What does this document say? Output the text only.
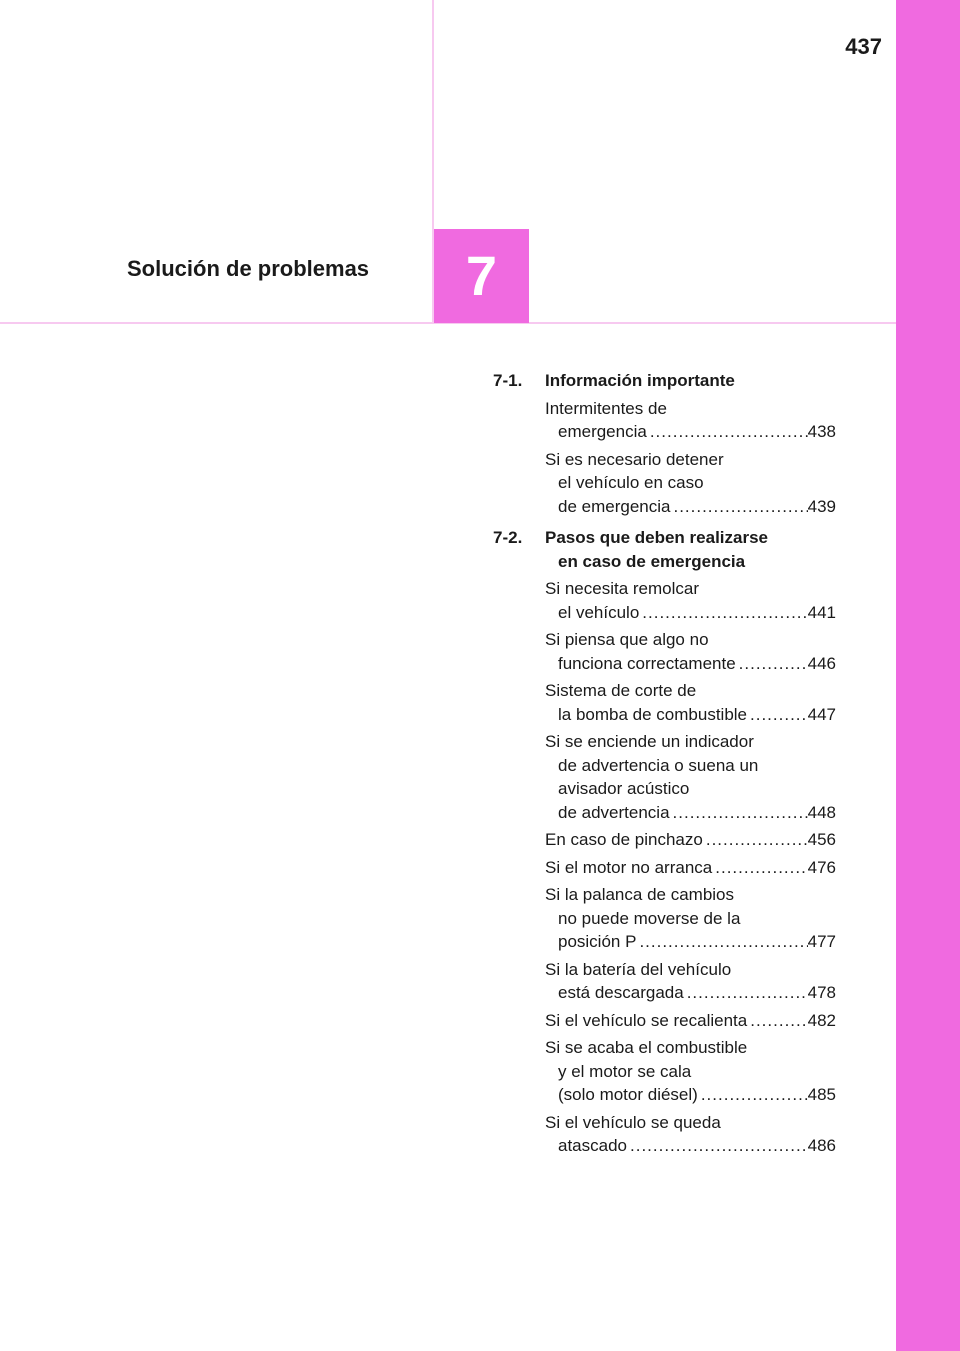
437
Solución de problemas 7
7-1. Información importante
Intermitentes de
emergencia .....	438
Si es necesario detener
el vehículo en caso
de emergencia .....	439
7-2. Pasos que deben realizarse
en caso de emergencia
Si necesita remolcar
el vehículo .....	441
Si piensa que algo no
funciona correctamente .....	446
Sistema de corte de
la bomba de combustible .....	447
Si se enciende un indicador
de advertencia o suena un
avisador acústico
de advertencia .....	448
En caso de pinchazo .....	456
Si el motor no arranca .....	476
Si la palanca de cambios
no puede moverse de la
posición P .....	477
Si la batería del vehículo
está descargada .....	478
Si el vehículo se recalienta .....	482
Si se acaba el combustible
y el motor se cala
(solo motor diésel) .....	485
Si el vehículo se queda
atascado .....	486
